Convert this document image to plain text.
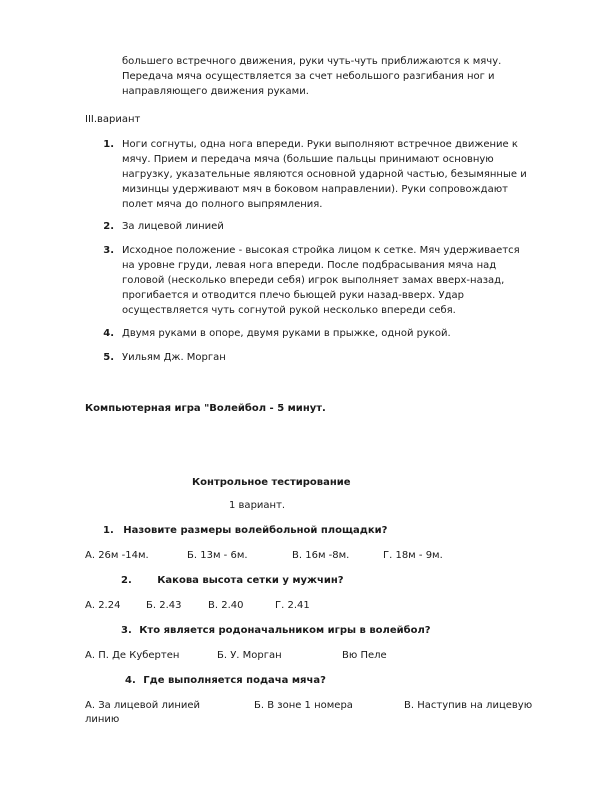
большего встречного движения, руки чуть-чуть приближаются к мячу.
Передача мяча осуществляется за счет небольшого разгибания ног и
направляющего движения руками.
III.вариант
1. Ноги согнуты, одна нога впереди. Руки выполняют встречное движение к
мячу. Прием и передача мяча (большие пальцы принимают основную
нагрузку, указательные являются основной ударной частью, безымянные и
мизинцы удерживают мяч в боковом направлении). Руки сопровождают
полет мяча до полного выпрямления.
2. За лицевой линией
3. Исходное положение - высокая стройка лицом к сетке. Мяч удерживается
на уровне груди, левая нога впереди. После подбрасывания мяча над
головой (несколько впереди себя) игрок выполняет замах вверх-назад,
прогибается и отводится плечо бьющей руки назад-вверх. Удар
осуществляется чуть согнутой рукой несколько впереди себя.
4. Двумя руками в опоре, двумя руками в прыжке, одной рукой.
5. Уильям Дж. Морган
Компьютерная игра "Волейбол - 5 минут.
Контрольное тестирование
1 вариант.
1. Назовите размеры волейбольной площадки?
А. 26м -14м.	Б. 13м - 6м.	В. 16м -8м.	Г. 18м - 9м.
2.	Какова высота сетки у мужчин?
А. 2.24	Б. 2.43	В. 2.40	Г. 2.41
3. Кто является родоначальником игры в волейбол?
А. П. Де Кубертен	Б. У. Морган	Вю Пеле
4. Где выполняется подача мяча?
А. За лицевой линией	Б. В зоне 1 номера	В. Наступив на лицевую
линию
